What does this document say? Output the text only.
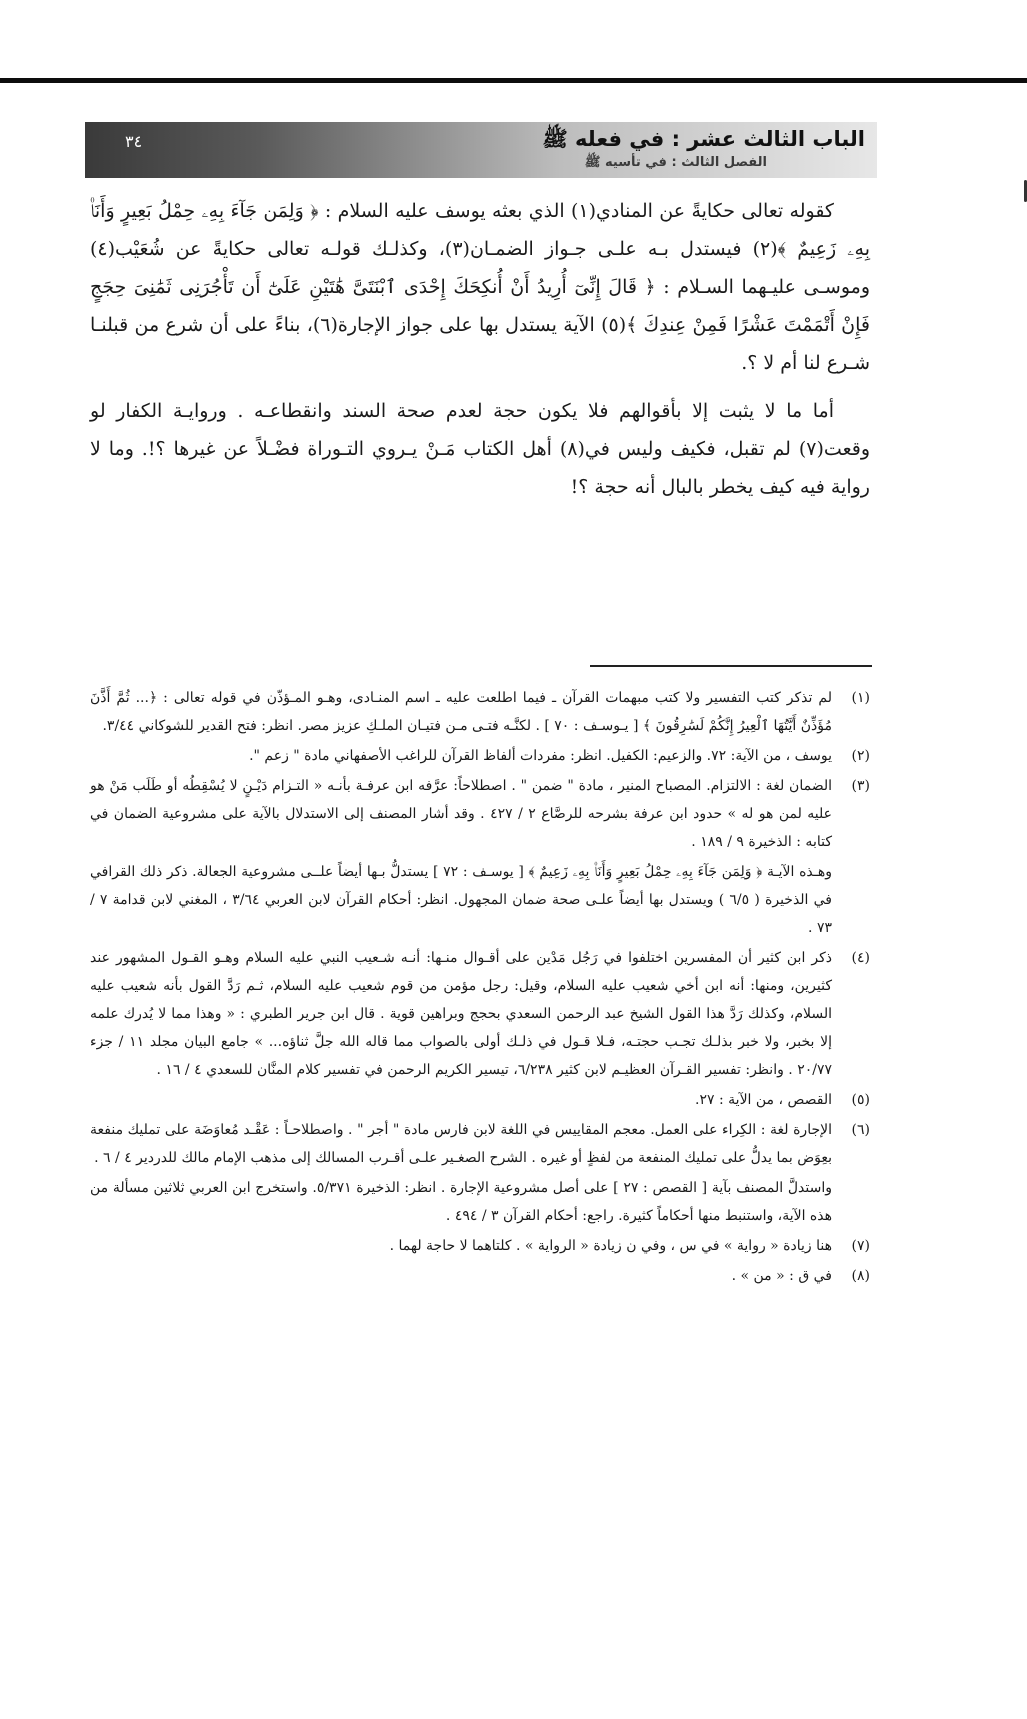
٣٤	الباب الثالث عشر : في فعله ﷺ
الفصل الثالث : في تأسيه ﷺ

كقوله تعالى حكايةً عن المنادي(١) الذي بعثه يوسف عليه السلام : ﴿ وَلِمَن جَآءَ بِهِۦ حِمْلُ بَعِيرٍ وَأَنَا۠ بِهِۦ زَعِيمٌ ﴾(٢) فيستدل بـه علـى جـواز الضمـان(٣)، وكذلـك قولـه تعالى حكايةً عن شُعَيْب(٤) وموسـى عليـهما السـلام : ﴿ قَالَ إِنِّىٓ أُرِيدُ أَنْ أُنكِحَكَ إِحْدَى ٱبْنَتَىَّ هَٰتَيْنِ عَلَىٰٓ أَن تَأْجُرَنِى ثَمَٰنِىَ حِجَجٍ فَإِنْ أَتْمَمْتَ عَشْرًا فَمِنْ عِندِكَ ﴾(٥) الآية يستدل بها على جواز الإجارة(٦)، بناءً على أن شرع من قبلنـا شـرع لنا أم لا ؟.

أما ما لا يثبت إلا بأقوالهم فلا يكون حجة لعدم صحة السند وانقطاعـه . وروايـة الكفار لو وقعت(٧) لم تقبل، فكيف وليس في(٨) أهل الكتاب مَـنْ يـروي التـوراة فضْـلاً عن غيرها ؟!. وما لا رواية فيه كيف يخطر بالبال أنه حجة ؟!

(١)
لم تذكر كتب التفسير ولا كتب مبهمات القرآن ـ فيما اطلعت عليه ـ اسم المنـادى، وهـو المـؤذّن في قوله تعالى : ﴿... ثُمَّ أَذَّنَ مُؤَذِّنٌ أَيَّتُهَا ٱلْعِيرُ إِنَّكُمْ لَسَٰرِقُونَ ﴾ [ يـوسـف : ٧٠ ] . لكنَّـه فتـى مـن فتيـان الملـكِ عزيز مصر. انظر: فتح القدير للشوكاني ٣/٤٤.
(٢)
يوسف ، من الآية: ٧٢. والزعيم: الكفيل. انظر: مفردات ألفاظ القرآن للراغب الأصفهاني مادة " زعم ".
(٣)
الضمان لغة : الالتزام. المصباح المنير ، مادة " ضمن " . اصطلاحاً: عرَّفه ابن عرفـة بأنـه « التـزام دَيْـنٍ لا يُسْقِطُه أو طَلَب مَنْ هو عليه لمن هو له » حدود ابن عرفة بشرحه للرصَّاع ٢ / ٤٢٧ . وقد أشار المصنف إلى الاستدلال بالآية على مشروعية الضمان في كتابه : الذخيرة ٩ / ١٨٩ .
وهـذه الآيـة ﴿ وَلِمَن جَآءَ بِهِۦ حِمْلُ بَعِيرٍ وَأَنَا۠ بِهِۦ زَعِيمٌ ﴾ [ يوسـف : ٧٢ ] يستدلُّ بـها أيضاً علــى مشروعية الجعالة. ذكر ذلك القرافي في الذخيرة ( ٦/٥ ) ويستدل بها أيضاً علـى صحة ضمان المجهول. انظر: أحكام القرآن لابن العربي ٣/٦٤ ، المغني لابن قدامة ٧ / ٧٣ .
(٤)
ذكر ابن كثير أن المفسرين اختلفوا في رَجُل مَدْين على أقـوال منـها: أنـه شـعيب النبي عليه السلام وهـو القـول المشهور عند كثيرين، ومنها: أنه ابن أخي شعيب عليه السلام، وقيل: رجل مؤمن من قوم شعيب عليه السلام، ثـم رَدَّ القول بأنه شعيب عليه السلام، وكذلك رَدَّ هذا القول الشيخ عبد الرحمن السعدي بحجج وبراهين قوية . قال ابن جرير الطبري : « وهذا مما لا يُدرك علمه إلا بخبر، ولا خبر بذلـك تجـب حجتـه، فـلا قـول في ذلـك أولى بالصواب مما قاله الله جلَّ ثناؤه... » جامع البيان مجلد ١١ / جزء ٢٠/٧٧ . وانظر: تفسير القـرآن العظيـم لابن كثير ٦/٢٣٨، تيسير الكريم الرحمن في تفسير كلام المنَّان للسعدي ٤ / ١٦ .
(٥)
القصص ، من الآية : ٢٧.
(٦)
الإجارة لغة : الكِراء على العمل. معجم المقاييس في اللغة لابن فارس مادة " أجر " . واصطلاحـاً : عَقْـد مُعاوَضَة على تمليك منفعة بعِوَض بما يدلُّ على تمليك المنفعة من لفظٍ أو غيره . الشرح الصغـير علـى أقـرب المسالك إلى مذهب الإمام مالك للدردير ٤ / ٦ .
واستدلَّ المصنف بآية [ القصص : ٢٧ ] على أصل مشروعية الإجارة . انظر: الذخيرة ٥/٣٧١. واستخرج ابن العربي ثلاثين مسألة من هذه الآية، واستنبط منها أحكاماً كثيرة. راجع: أحكام القرآن ٣ / ٤٩٤ .
(٧)
هنا زيادة « رواية » في س ، وفي ن زيادة « الرواية » . كلتاهما لا حاجة لهما .
(٨)
في ق : « من » .
